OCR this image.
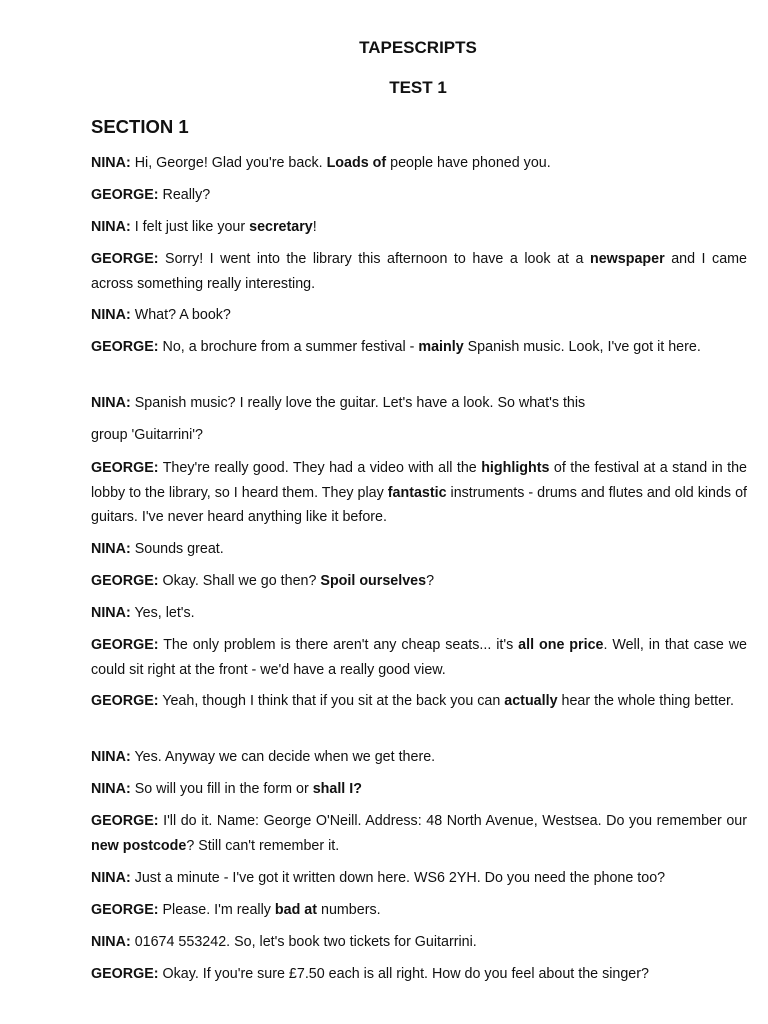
TAPESCRIPTS
TEST 1
SECTION 1
NINA: Hi, George! Glad you're back. Loads of people have phoned you.
GEORGE: Really?
NINA: I felt just like your secretary!
GEORGE: Sorry! I went into the library this afternoon to have a look at a newspaper and I came across something really interesting.
NINA: What? A book?
GEORGE: No, a brochure from a summer festival - mainly Spanish music. Look, I've got it here.
NINA: Spanish music? I really love the guitar. Let's have a look. So what's this
group 'Guitarrini'?
GEORGE: They're really good. They had a video with all the highlights of the festival at a stand in the lobby to the library, so I heard them. They play fantastic instruments - drums and flutes and old kinds of guitars. I've never heard anything like it before.
NINA: Sounds great.
GEORGE: Okay. Shall we go then? Spoil ourselves?
NINA: Yes, let's.
GEORGE: The only problem is there aren't any cheap seats... it's all one price. Well, in that case we could sit right at the front - we'd have a really good view.
GEORGE: Yeah, though I think that if you sit at the back you can actually hear the whole thing better.
NINA: Yes. Anyway we can decide when we get there.
NINA: So will you fill in the form or shall I?
GEORGE: I'll do it. Name: George O'Neill. Address: 48 North Avenue, Westsea. Do you remember our new postcode? Still can't remember it.
NINA: Just a minute - I've got it written down here. WS6 2YH. Do you need the phone too?
GEORGE: Please. I'm really bad at numbers.
NINA: 01674 553242. So, let's book two tickets for Guitarrini.
GEORGE: Okay. If you're sure £7.50 each is all right. How do you feel about the singer?
